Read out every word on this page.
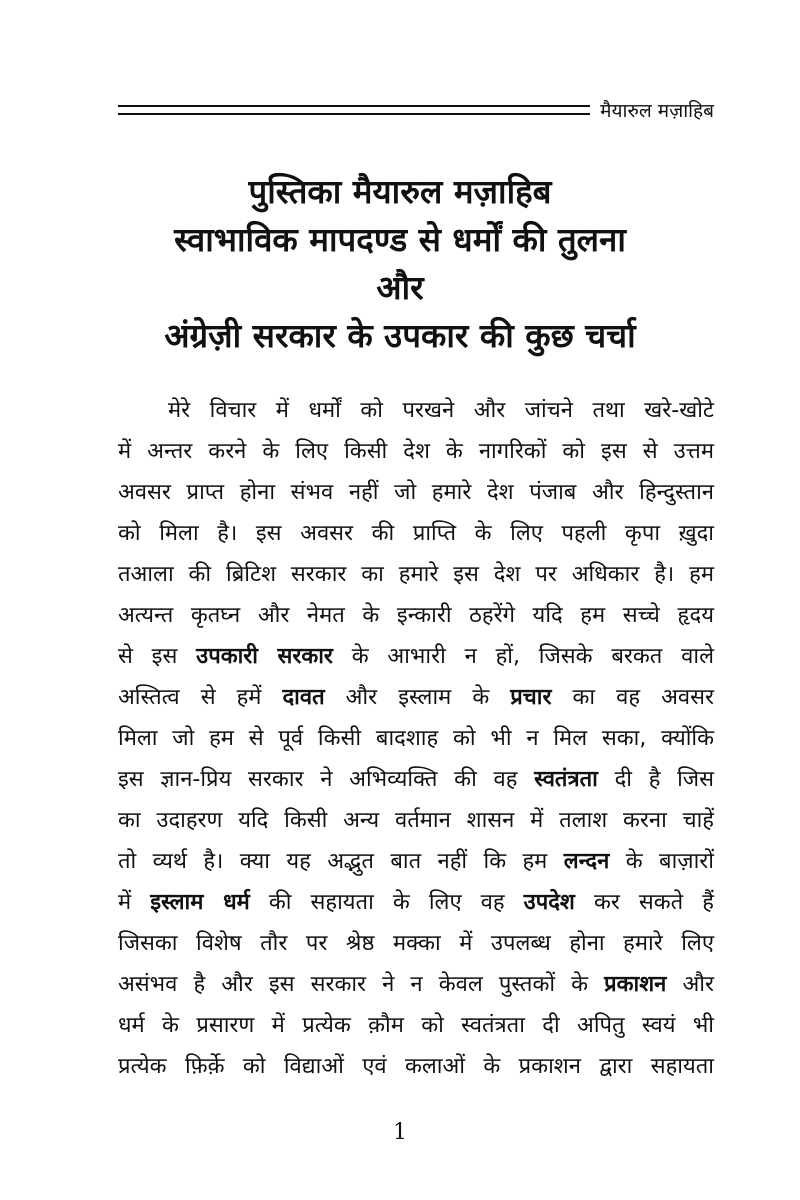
मैयारुल मज़ाहिब
पुस्तिका मैयारुल मज़ाहिब
स्वाभाविक मापदण्ड से धर्मों की तुलना
और
अंग्रेज़ी सरकार के उपकार की कुछ चर्चा
मेरे विचार में धर्मों को परखने और जांचने तथा खरे-खोटे
में अन्तर करने के लिए किसी देश के नागरिकों को इस से उत्तम
अवसर प्राप्त होना संभव नहीं जो हमारे देश पंजाब और हिन्दुस्तान
को मिला है। इस अवसर की प्राप्ति के लिए पहली कृपा ख़ुदा
तआला की ब्रिटिश सरकार का हमारे इस देश पर अधिकार है। हम
अत्यन्त कृतघ्न और नेमत के इन्कारी ठहरेंगे यदि हम सच्चे हृदय
से इस उपकारी सरकार के आभारी न हों, जिसके बरकत वाले
अस्तित्व से हमें दावत और इस्लाम के प्रचार का वह अवसर
मिला जो हम से पूर्व किसी बादशाह को भी न मिल सका, क्योंकि
इस ज्ञान-प्रिय सरकार ने अभिव्यक्ति की वह स्वतंत्रता दी है जिस
का उदाहरण यदि किसी अन्य वर्तमान शासन में तलाश करना चाहें
तो व्यर्थ है। क्या यह अद्भुत बात नहीं कि हम लन्दन के बाज़ारों
में इस्लाम धर्म की सहायता के लिए वह उपदेश कर सकते हैं
जिसका विशेष तौर पर श्रेष्ठ मक्का में उपलब्ध होना हमारे लिए
असंभव है और इस सरकार ने न केवल पुस्तकों के प्रकाशन और
धर्म के प्रसारण में प्रत्येक क़ौम को स्वतंत्रता दी अपितु स्वयं भी
प्रत्येक फ़िर्क़े को विद्याओं एवं कलाओं के प्रकाशन द्वारा सहायता
1
